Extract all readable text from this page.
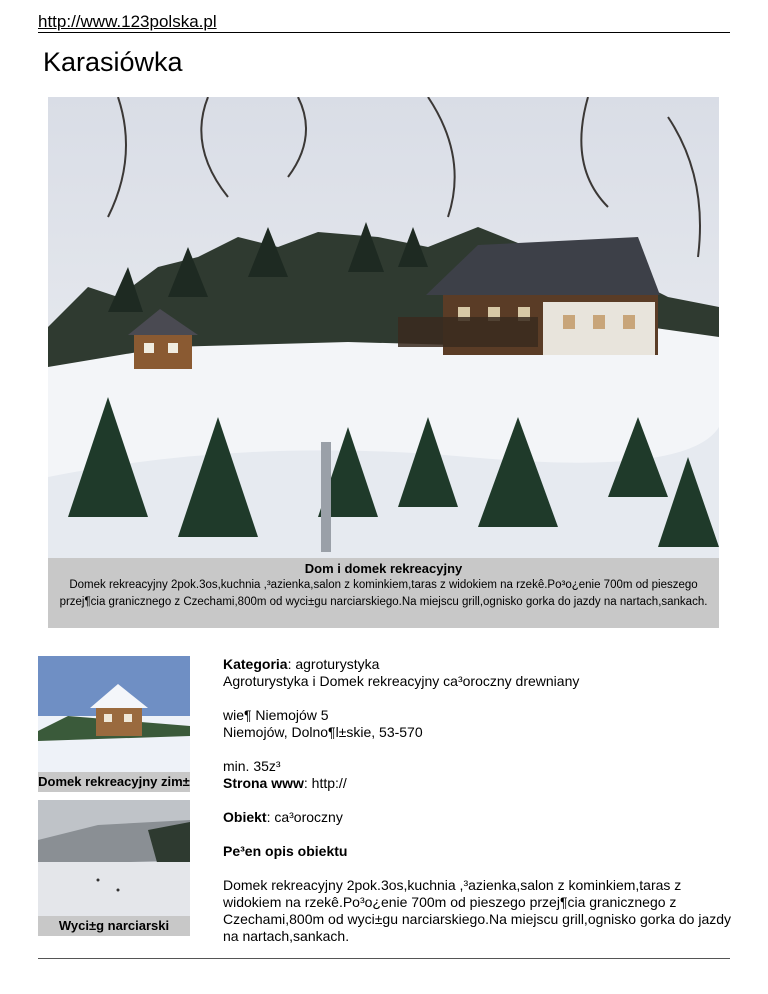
http://www.123polska.pl
Karasiówka
Dom i domek rekreacyjny
Domek rekreacyjny 2pok.3os,kuchnia ,³azienka,salon z kominkiem,taras z widokiem na rzekê.Po³o¿enie 700m od pieszego przej¶cia granicznego z Czechami,800m od wyci±gu narciarskiego.Na miejscu grill,ognisko gorka do jazdy na nartach,sankach.
Domek rekreacyjny zim±
Wyci±g narciarski

Kategoria: agroturystyka

Agroturystyka i Domek rekreacyjny ca³oroczny drewniany

wie¶ Niemojów 5

Niemojów, Dolno¶l±skie, 53-570

min. 35z³

Strona www: http://

Obiekt: ca³oroczny

Pe³en opis obiektu

Domek rekreacyjny 2pok.3os,kuchnia ,³azienka,salon z kominkiem,taras z widokiem na rzekê.Po³o¿enie 700m od pieszego przej¶cia granicznego z Czechami,800m od wyci±gu narciarskiego.Na miejscu grill,ognisko gorka do jazdy na nartach,sankach.
